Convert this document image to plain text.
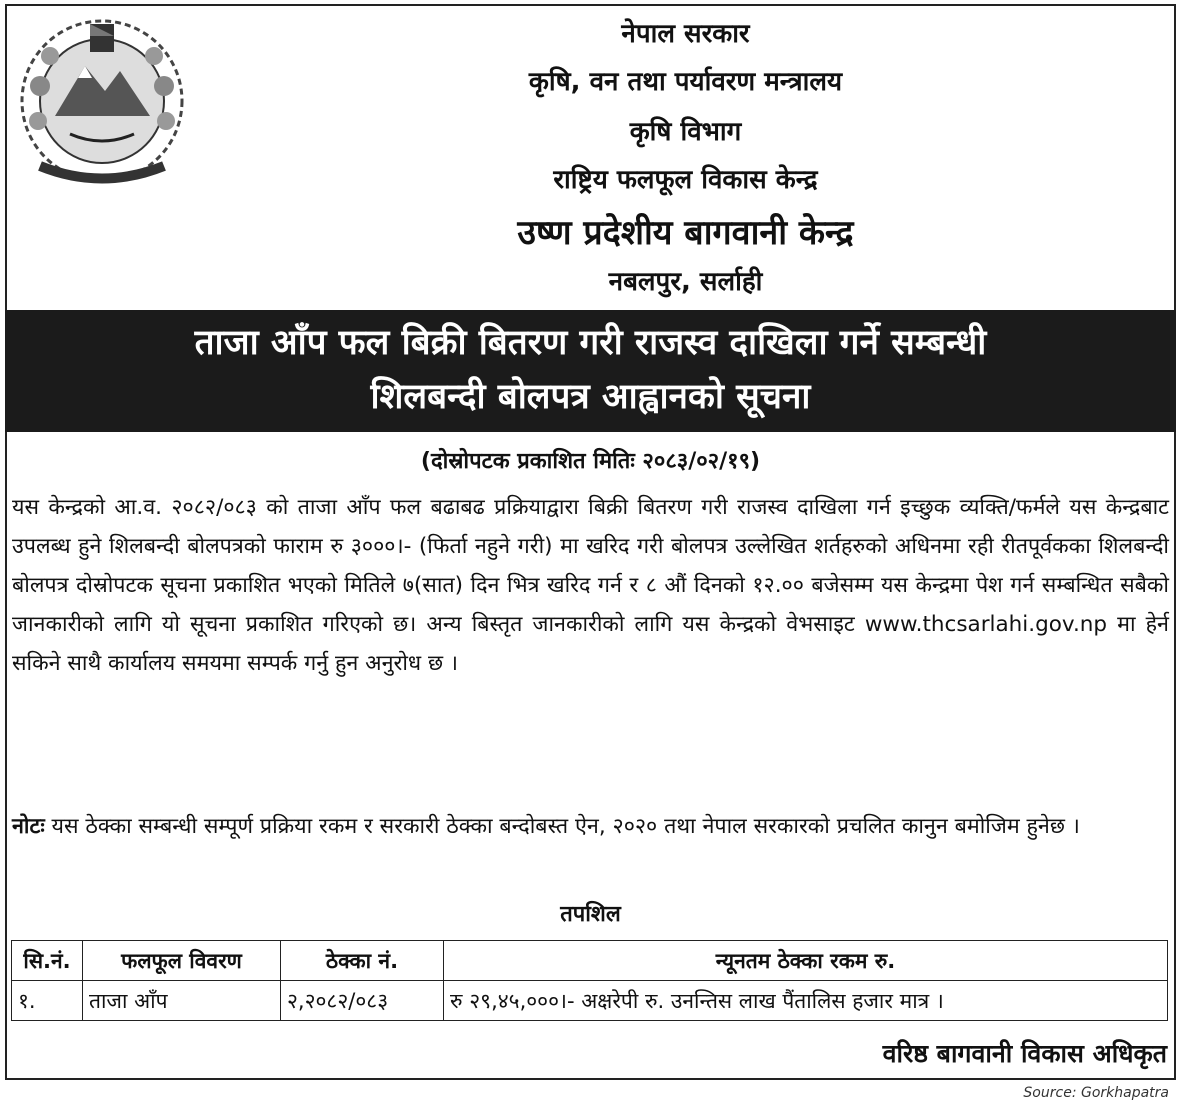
नेपाल सरकार
कृषि, वन तथा पर्यावरण मन्त्रालय
कृषि विभाग
राष्ट्रिय फलफूल विकास केन्द्र
उष्ण प्रदेशीय बागवानी केन्द्र
नबलपुर, सर्लाही
ताजा आँप फल बिक्री बितरण गरी राजस्व दाखिला गर्ने सम्बन्धी
शिलबन्दी बोलपत्र आह्वानको सूचना
(दोस्रोपटक प्रकाशित मितिः २०८३/०२/१९)
यस केन्द्रको आ.व. २०८२/०८३ को ताजा आँप फल बढाबढ प्रक्रियाद्वारा बिक्री बितरण गरी राजस्व दाखिला गर्न इच्छुक व्यक्ति/फर्मले यस केन्द्रबाट उपलब्ध हुने शिलबन्दी बोलपत्रको फाराम रु ३०००।- (फिर्ता नहुने गरी) मा खरिद गरी बोलपत्र उल्लेखित शर्तहरुको अधिनमा रही रीतपूर्वकका शिलबन्दी बोलपत्र दोस्रोपटक सूचना प्रकाशित भएको मितिले ७(सात) दिन भित्र खरिद गर्न र ८ औं दिनको १२.०० बजेसम्म यस केन्द्रमा पेश गर्न सम्बन्धित सबैको जानकारीको लागि यो सूचना प्रकाशित गरिएको छ। अन्य बिस्तृत जानकारीको लागि यस केन्द्रको वेभसाइट www.thcsarlahi.gov.np मा हेर्न सकिने साथै कार्यालय समयमा सम्पर्क गर्नु हुन अनुरोध छ ।
नोटः यस ठेक्का सम्बन्धी सम्पूर्ण प्रक्रिया रकम र सरकारी ठेक्का बन्दोबस्त ऐन, २०२० तथा नेपाल सरकारको प्रचलित कानुन बमोजिम हुनेछ ।
तपशिल
सि.नं.	फलफूल विवरण	ठेक्का नं.	न्यूनतम ठेक्का रकम रु.
१.	ताजा आँप	२,२०८२/०८३	रु २९,४५,०००।- अक्षरेपी रु. उनन्तिस लाख पैंतालिस हजार मात्र ।
वरिष्ठ बागवानी विकास अधिकृत
Source: Gorkhapatra
